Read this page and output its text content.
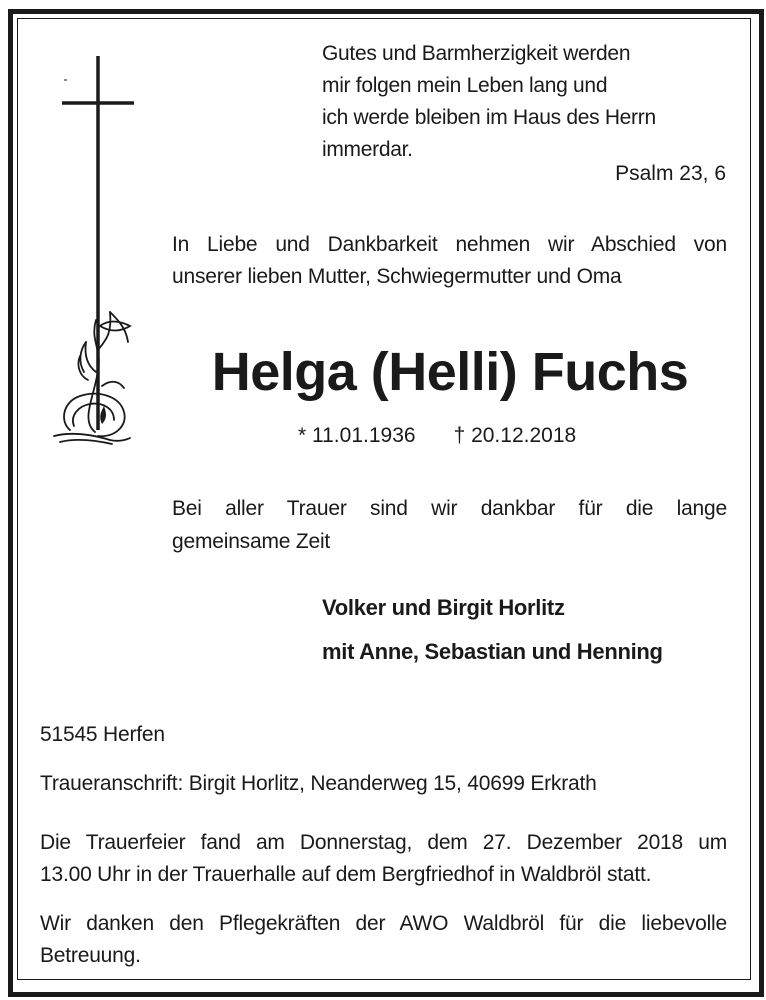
Gutes und Barmherzigkeit werden
mir folgen mein Leben lang und
ich werde bleiben im Haus des Herrn
immerdar.
Psalm 23, 6
In Liebe und Dankbarkeit nehmen wir Abschied von
unserer lieben Mutter, Schwiegermutter und Oma
Helga (Helli) Fuchs
* 11.01.1936 † 20.12.2018
Bei aller Trauer sind wir dankbar für die lange
gemeinsame Zeit
Volker und Birgit Horlitz
mit Anne, Sebastian und Henning
51545 Herfen
Traueranschrift: Birgit Horlitz, Neanderweg 15, 40699 Erkrath
Die Trauerfeier fand am Donnerstag, dem 27. Dezember 2018 um
13.00 Uhr in der Trauerhalle auf dem Bergfriedhof in Waldbröl statt.
Wir danken den Pflegekräften der AWO Waldbröl für die liebevolle
Betreuung.
